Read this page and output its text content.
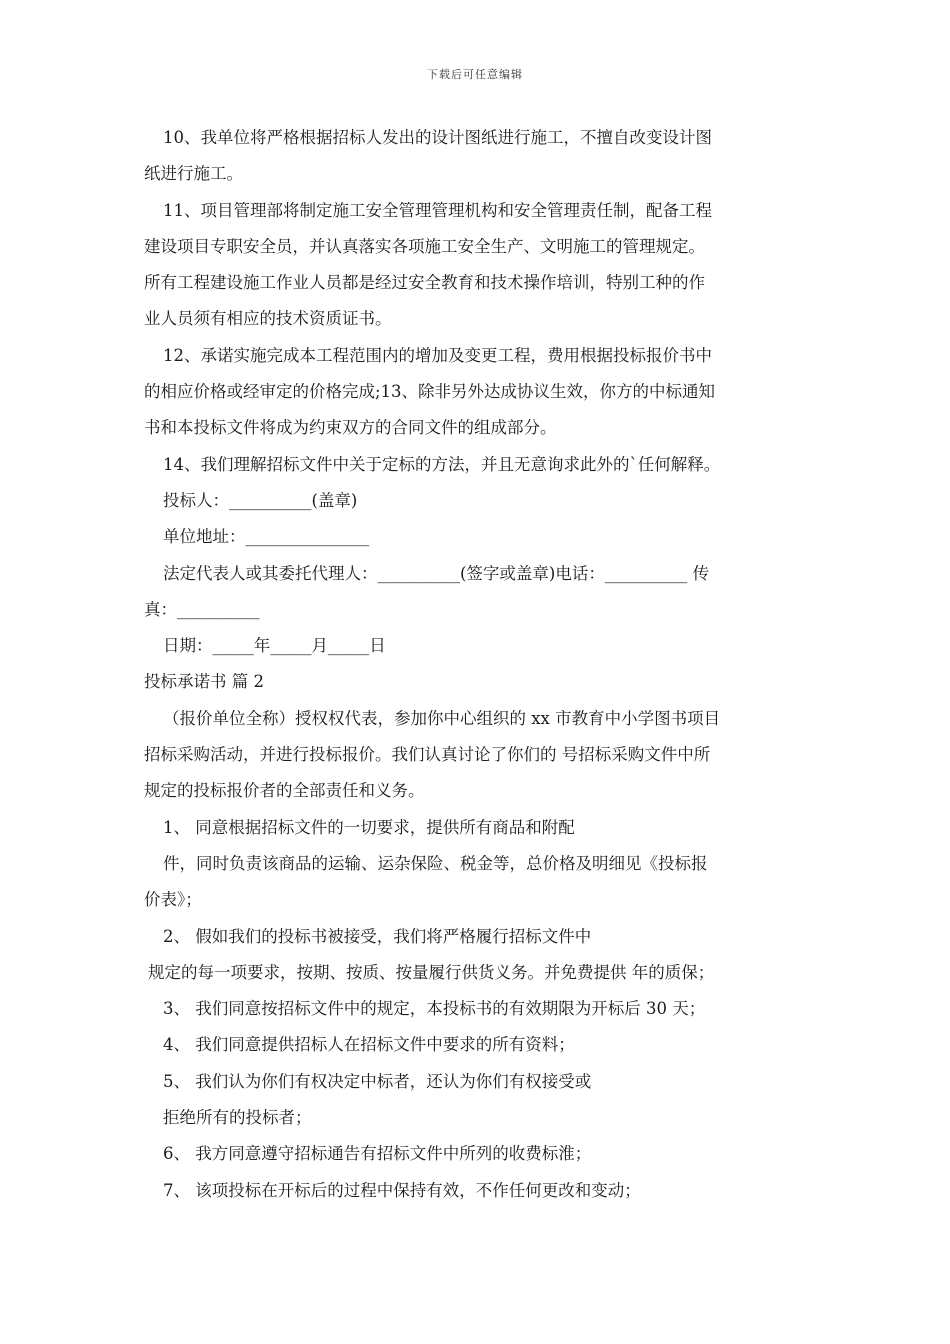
下载后可任意编辑

10、我单位将严格根据招标人发出的设计图纸进行施工，不擅自改变设计图

纸进行施工。

11、项目管理部将制定施工安全管理管理机构和安全管理责任制，配备工程

建设项目专职安全员，并认真落实各项施工安全生产、文明施工的管理规定。

所有工程建设施工作业人员都是经过安全教育和技术操作培训，特别工种的作

业人员须有相应的技术资质证书。

12、承诺实施完成本工程范围内的增加及变更工程，费用根据投标报价书中

的相应价格或经审定的价格完成;13、除非另外达成协议生效，你方的中标通知

书和本投标文件将成为约束双方的合同文件的组成部分。

14、我们理解招标文件中关于定标的方法，并且无意询求此外的`任何解释。

投标人：__________(盖章)

单位地址：_______________

法定代表人或其委托代理人：__________(签字或盖章)电话：__________ 传

真：__________

日期：_____年_____月_____日

投标承诺书 篇 2

（报价单位全称）授权权代表，参加你中心组织的 xx 市教育中小学图书项目

招标采购活动，并进行投标报价。我们认真讨论了你们的 号招标采购文件中所

规定的投标报价者的全部责任和义务。

1、 同意根据招标文件的一切要求，提供所有商品和附配

件，同时负责该商品的运输、运杂保险、税金等，总价格及明细见《投标报

价表》；

2、 假如我们的投标书被接受，我们将严格履行招标文件中

规定的每一项要求，按期、按质、按量履行供货义务。并免费提供 年的质保；

3、 我们同意按招标文件中的规定，本投标书的有效期限为开标后 30 天；

4、 我们同意提供招标人在招标文件中要求的所有资料；

5、 我们认为你们有权决定中标者，还认为你们有权接受或

拒绝所有的投标者；

6、 我方同意遵守招标通告有招标文件中所列的收费标淮；

7、 该项投标在开标后的过程中保持有效，不作任何更改和变动；
